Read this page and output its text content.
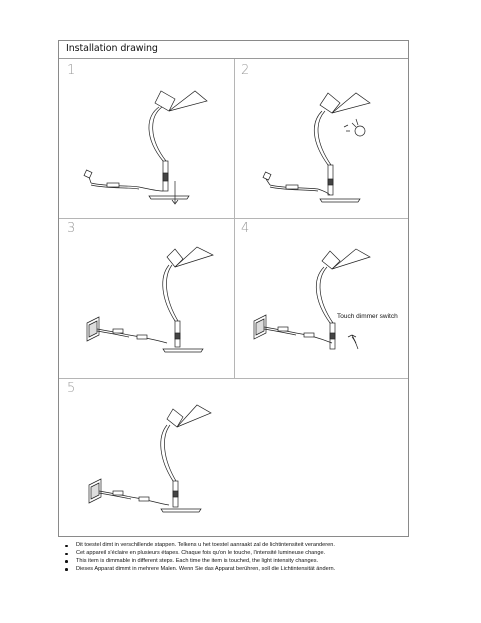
Installation drawing
1	2
3	4
5
Touch dimmer switch
Dit toestel dimt in verschillende stappen. Telkens u het toestel aanraakt zal de lichtintensiteit veranderen.
Cet appareil s'éclaire en plusieurs étapes. Chaque fois qu'on le touche, l'intensité lumineuse change.
This item is dimmable in different steps. Each time the item is touched, the light intensity changes.
Dieses Apparat dimmt in mehrere Malen. Wenn Sie das Apparat berühren, soll die Lichtintensität ändern.
